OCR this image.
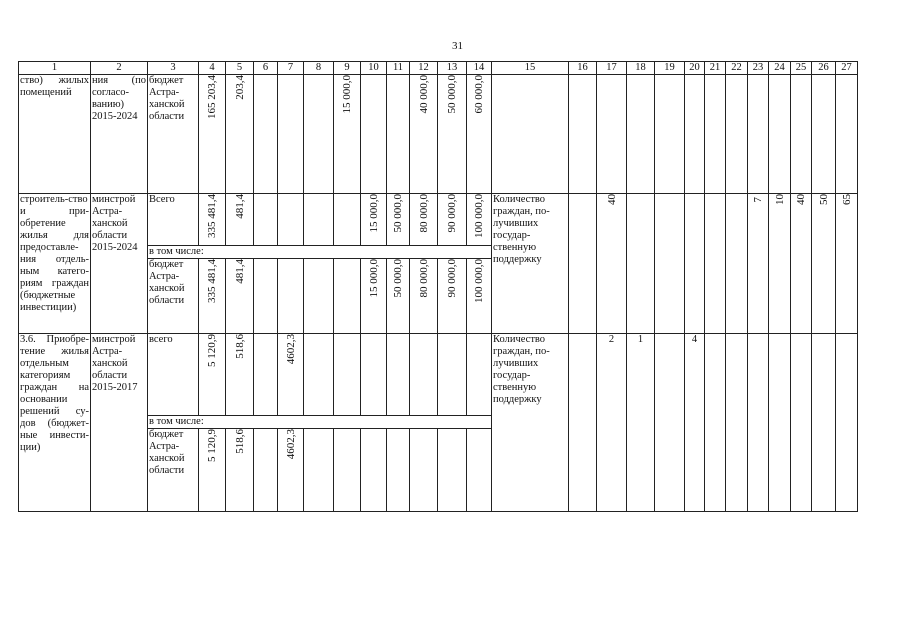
31
1	2	3	4	5	6	7	8	9	10	11	12	13	14	15	16	17	18	19	20	21	22	23	24	25	26	27
ство) жилых помещений	ния (по согласо-ванию) 2015-2024	бюджет Астра-ханской области	165 203,4	203,4				15 000,0			40 000,0	50 000,0	60 000,0													
строитель-ство и при-обретение жилья для предоставле-ния отдель-ным катего-риям граждан (бюджетные инвестиции)	минстрой Астра-ханской области 2015-2024	Всего	335 481,4	481,4					15 000,0	50 000,0	80 000,0	90 000,0	100 000,0	Количество граждан, по-лучивших государ-ственную поддержку		40						7	10	40	50	65
		в том числе:																								
		бюджет Астра-ханской области	335 481,4	481,4					15 000,0	50 000,0	80 000,0	90 000,0	100 000,0													
3.6. Приобре-тение жилья отдельным категориям граждан на основании решений су-дов (бюджет-ные инвести-ции)	минстрой Астра-ханской области 2015-2017	всего	5 120,9	518,6		4602,3								Количество граждан, по-лучивших государ-ственную поддержку		2	1		4							
		в том числе:																								
		бюджет Астра-ханской области	5 120,9	518,6		4602,3																				
